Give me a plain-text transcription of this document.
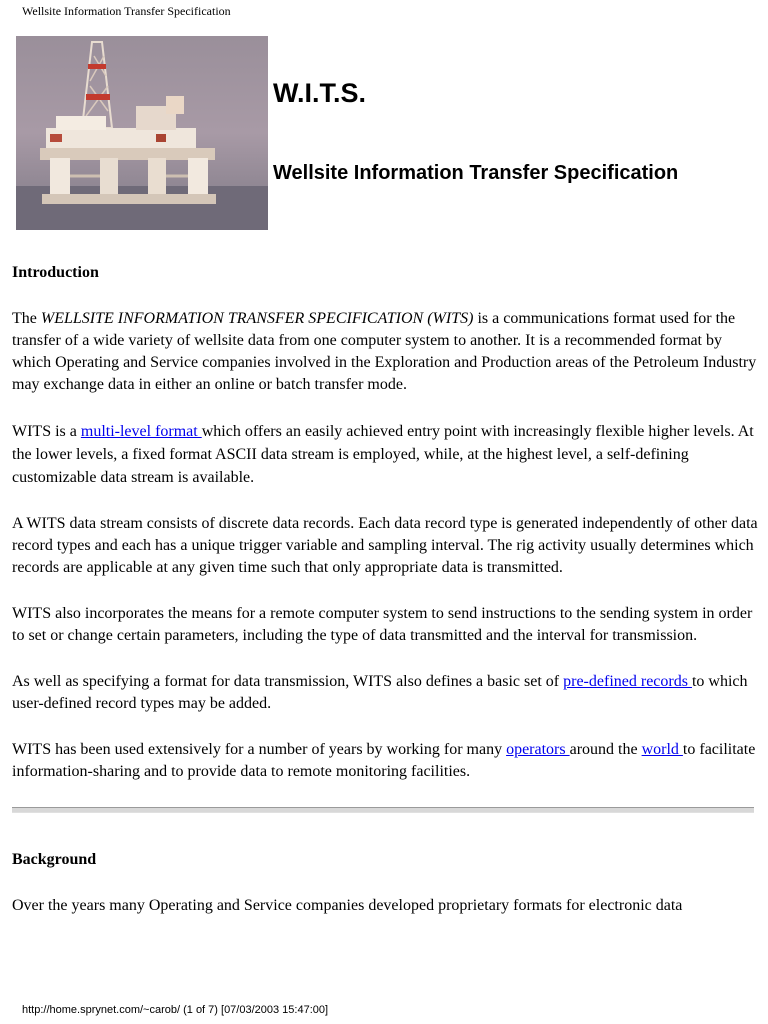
Wellsite Information Transfer Specification
W.I.T.S.
Wellsite Information Transfer Specification
Introduction

The WELLSITE INFORMATION TRANSFER SPECIFICATION (WITS) is a communications format used for the transfer of a wide variety of wellsite data from one computer system to another. It is a recommended format by which Operating and Service companies involved in the Exploration and Production areas of the Petroleum Industry may exchange data in either an online or batch transfer mode.

WITS is a multi-level format which offers an easily achieved entry point with increasingly flexible higher levels. At the lower levels, a fixed format ASCII data stream is employed, while, at the highest level, a self-defining customizable data stream is available.

A WITS data stream consists of discrete data records. Each data record type is generated independently of other data record types and each has a unique trigger variable and sampling interval. The rig activity usually determines which records are applicable at any given time such that only appropriate data is transmitted.

WITS also incorporates the means for a remote computer system to send instructions to the sending system in order to set or change certain parameters, including the type of data transmitted and the interval for transmission.

As well as specifying a format for data transmission, WITS also defines a basic set of pre-defined records to which user-defined record types may be added.

WITS has been used extensively for a number of years by working for many operators around the world to facilitate information-sharing and to provide data to remote monitoring facilities.

Background

Over the years many Operating and Service companies developed proprietary formats for electronic data

http://home.sprynet.com/~carob/ (1 of 7) [07/03/2003 15:47:00]
